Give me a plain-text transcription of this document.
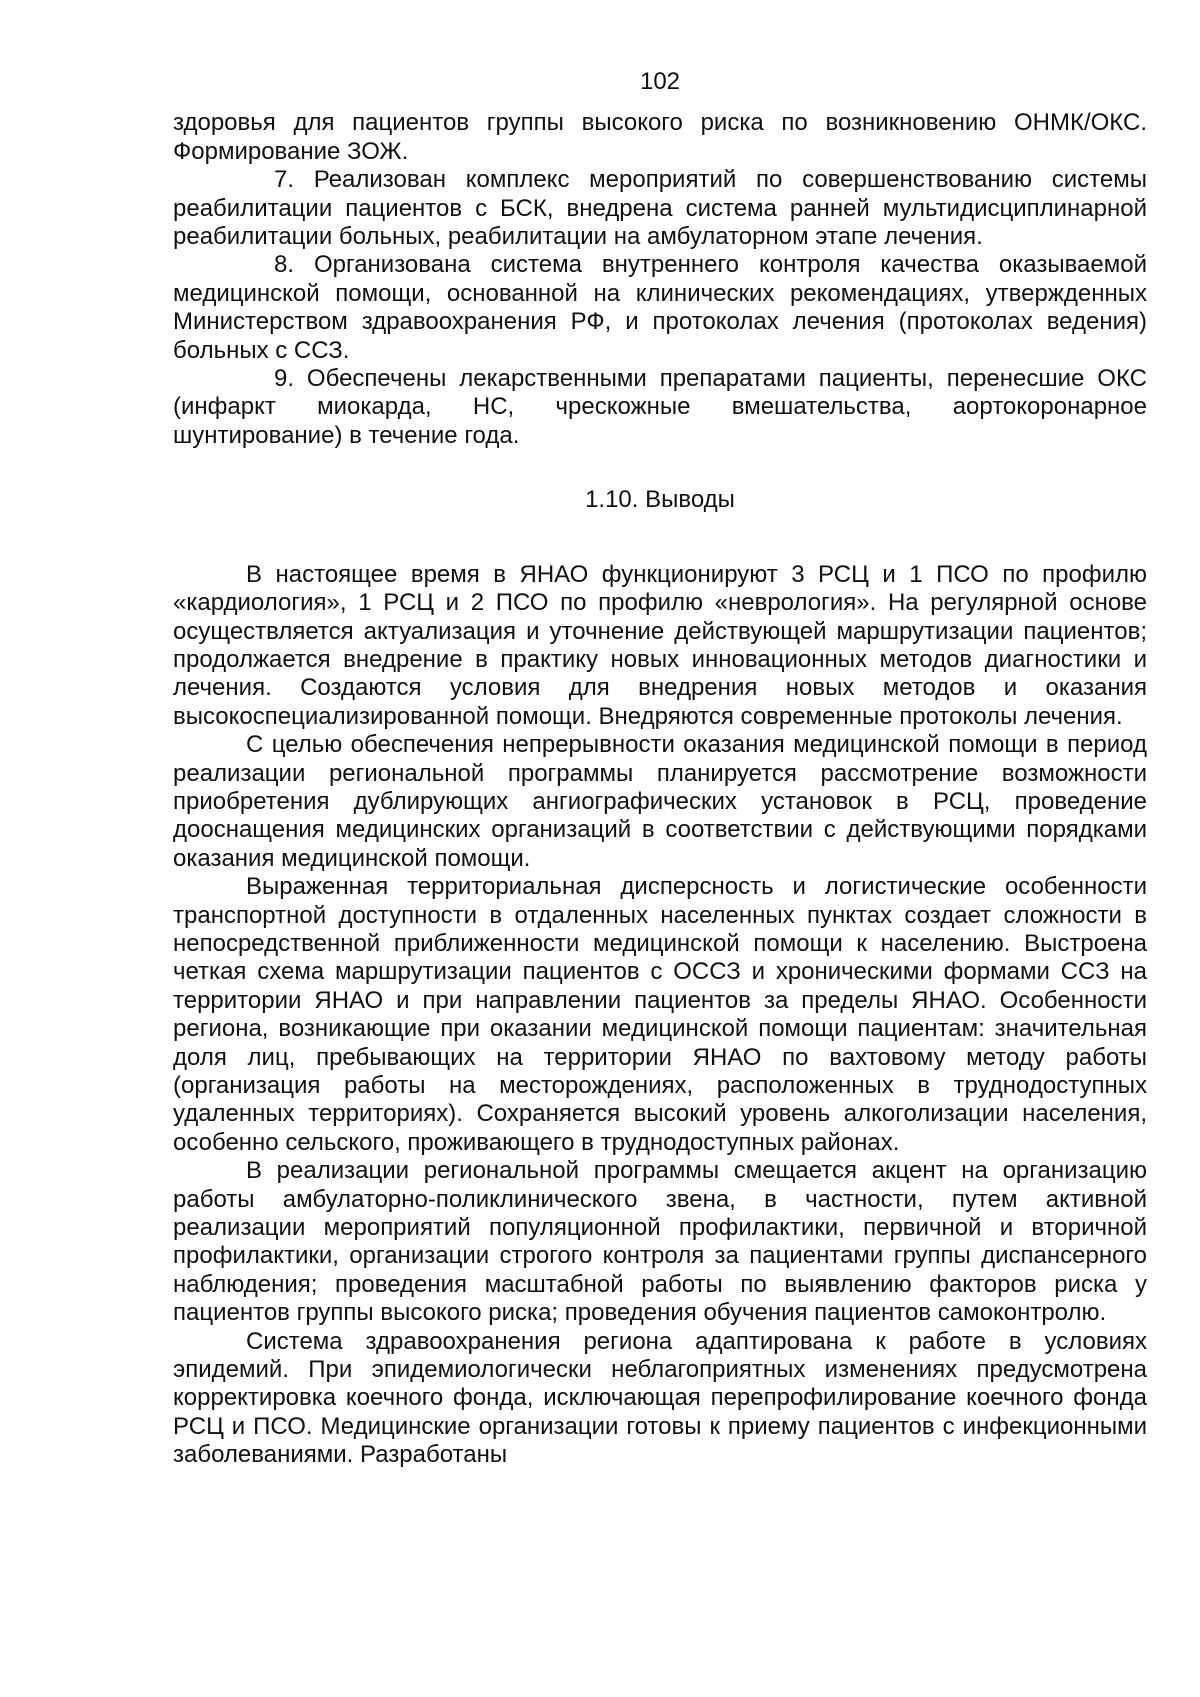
102

здоровья для пациентов группы высокого риска по возникновению ОНМК/ОКС. Формирование ЗОЖ.

7. Реализован комплекс мероприятий по совершенствованию системы реабилитации пациентов с БСК, внедрена система ранней мультидисциплинарной реабилитации больных, реабилитации на амбулаторном этапе лечения.

8. Организована система внутреннего контроля качества оказываемой медицинской помощи, основанной на клинических рекомендациях, утвержденных Министерством здравоохранения РФ, и протоколах лечения (протоколах ведения) больных с ССЗ.

9. Обеспечены лекарственными препаратами пациенты, перенесшие ОКС (инфаркт миокарда, НС, чрескожные вмешательства, аортокоронарное шунтирование) в течение года.

1.10. Выводы

В настоящее время в ЯНАО функционируют 3 РСЦ и 1 ПСО по профилю «кардиология», 1 РСЦ и 2 ПСО по профилю «неврология». На регулярной основе осуществляется актуализация и уточнение действующей маршрутизации пациентов; продолжается внедрение в практику новых инновационных методов диагностики и лечения. Создаются условия для внедрения новых методов и оказания высокоспециализированной помощи. Внедряются современные протоколы лечения.

С целью обеспечения непрерывности оказания медицинской помощи в период реализации региональной программы планируется рассмотрение возможности приобретения дублирующих ангиографических установок в РСЦ, проведение дооснащения медицинских организаций в соответствии с действующими порядками оказания медицинской помощи.

Выраженная территориальная дисперсность и логистические особенности транспортной доступности в отдаленных населенных пунктах создает сложности в непосредственной приближенности медицинской помощи к населению. Выстроена четкая схема маршрутизации пациентов с ОССЗ и хроническими формами ССЗ на территории ЯНАО и при направлении пациентов за пределы ЯНАО. Особенности региона, возникающие при оказании медицинской помощи пациентам: значительная доля лиц, пребывающих на территории ЯНАО по вахтовому методу работы (организация работы на месторождениях, расположенных в труднодоступных удаленных территориях). Сохраняется высокий уровень алкоголизации населения, особенно сельского, проживающего в труднодоступных районах.

В реализации региональной программы смещается акцент на организацию работы амбулаторно-поликлинического звена, в частности, путем активной реализации мероприятий популяционной профилактики, первичной и вторичной профилактики, организации строгого контроля за пациентами группы диспансерного наблюдения; проведения масштабной работы по выявлению факторов риска у пациентов группы высокого риска; проведения обучения пациентов самоконтролю.

Система здравоохранения региона адаптирована к работе в условиях эпидемий. При эпидемиологически неблагоприятных изменениях предусмотрена корректировка коечного фонда, исключающая перепрофилирование коечного фонда РСЦ и ПСО. Медицинские организации готовы к приему пациентов с инфекционными заболеваниями. Разработаны
